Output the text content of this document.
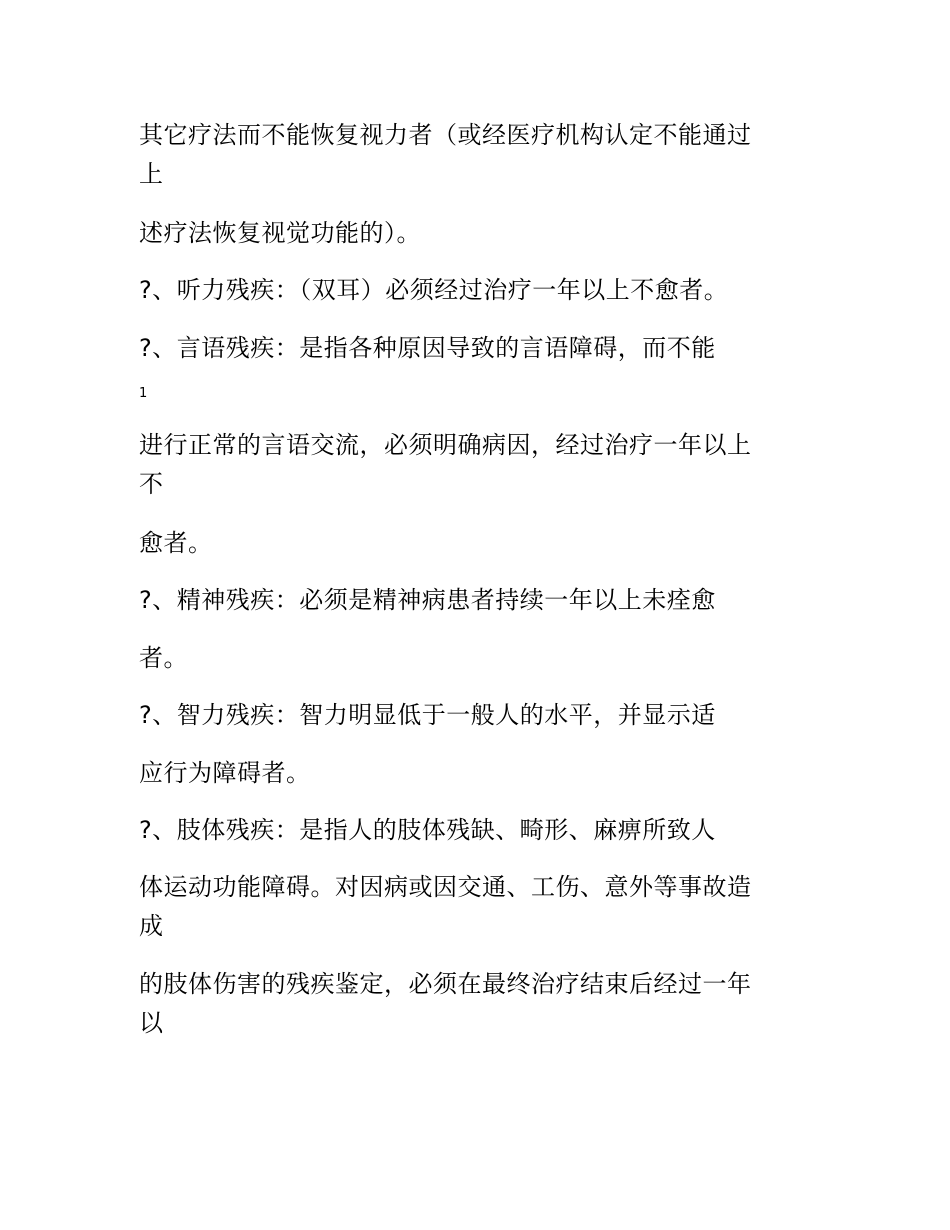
其它疗法而不能恢复视力者（或经医疗机构认定不能通过
上
述疗法恢复视觉功能的）。
?、听力残疾：（双耳）必须经过治疗一年以上不愈者。
?、言语残疾：是指各种原因导致的言语障碍，而不能
1
进行正常的言语交流，必须明确病因，经过治疗一年以上
不
愈者。
?、精神残疾：必须是精神病患者持续一年以上未痊愈
者。
?、智力残疾：智力明显低于一般人的水平，并显示适
应行为障碍者。
?、肢体残疾：是指人的肢体残缺、畸形、麻痹所致人
体运动功能障碍。对因病或因交通、工伤、意外等事故造
成
的肢体伤害的残疾鉴定，必须在最终治疗结束后经过一年
以
